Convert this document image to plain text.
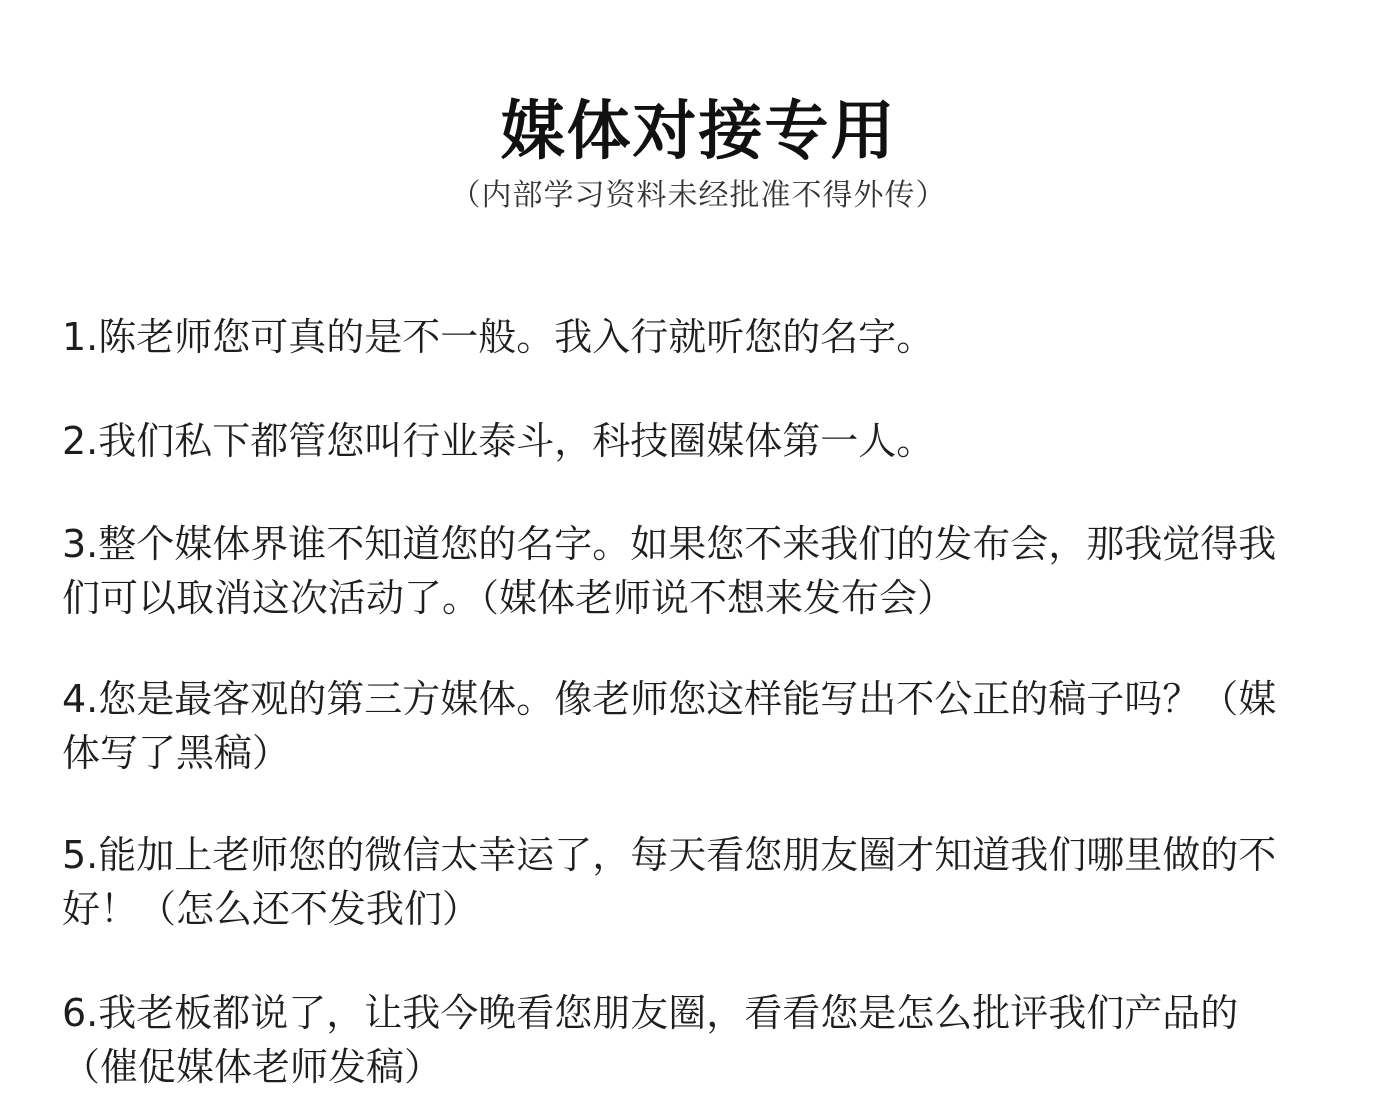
媒体对接专用
（内部学习资料未经批准不得外传）
1.陈老师您可真的是不一般。我入行就听您的名字。
2.我们私下都管您叫行业泰斗，科技圈媒体第一人。
3.整个媒体界谁不知道您的名字。如果您不来我们的发布会，那我觉得我
们可以取消这次活动了。（媒体老师说不想来发布会）
4.您是最客观的第三方媒体。像老师您这样能写出不公正的稿子吗？（媒
体写了黑稿）
5.能加上老师您的微信太幸运了，每天看您朋友圈才知道我们哪里做的不
好！（怎么还不发我们）
6.我老板都说了，让我今晚看您朋友圈，看看您是怎么批评我们产品的
（催促媒体老师发稿）
